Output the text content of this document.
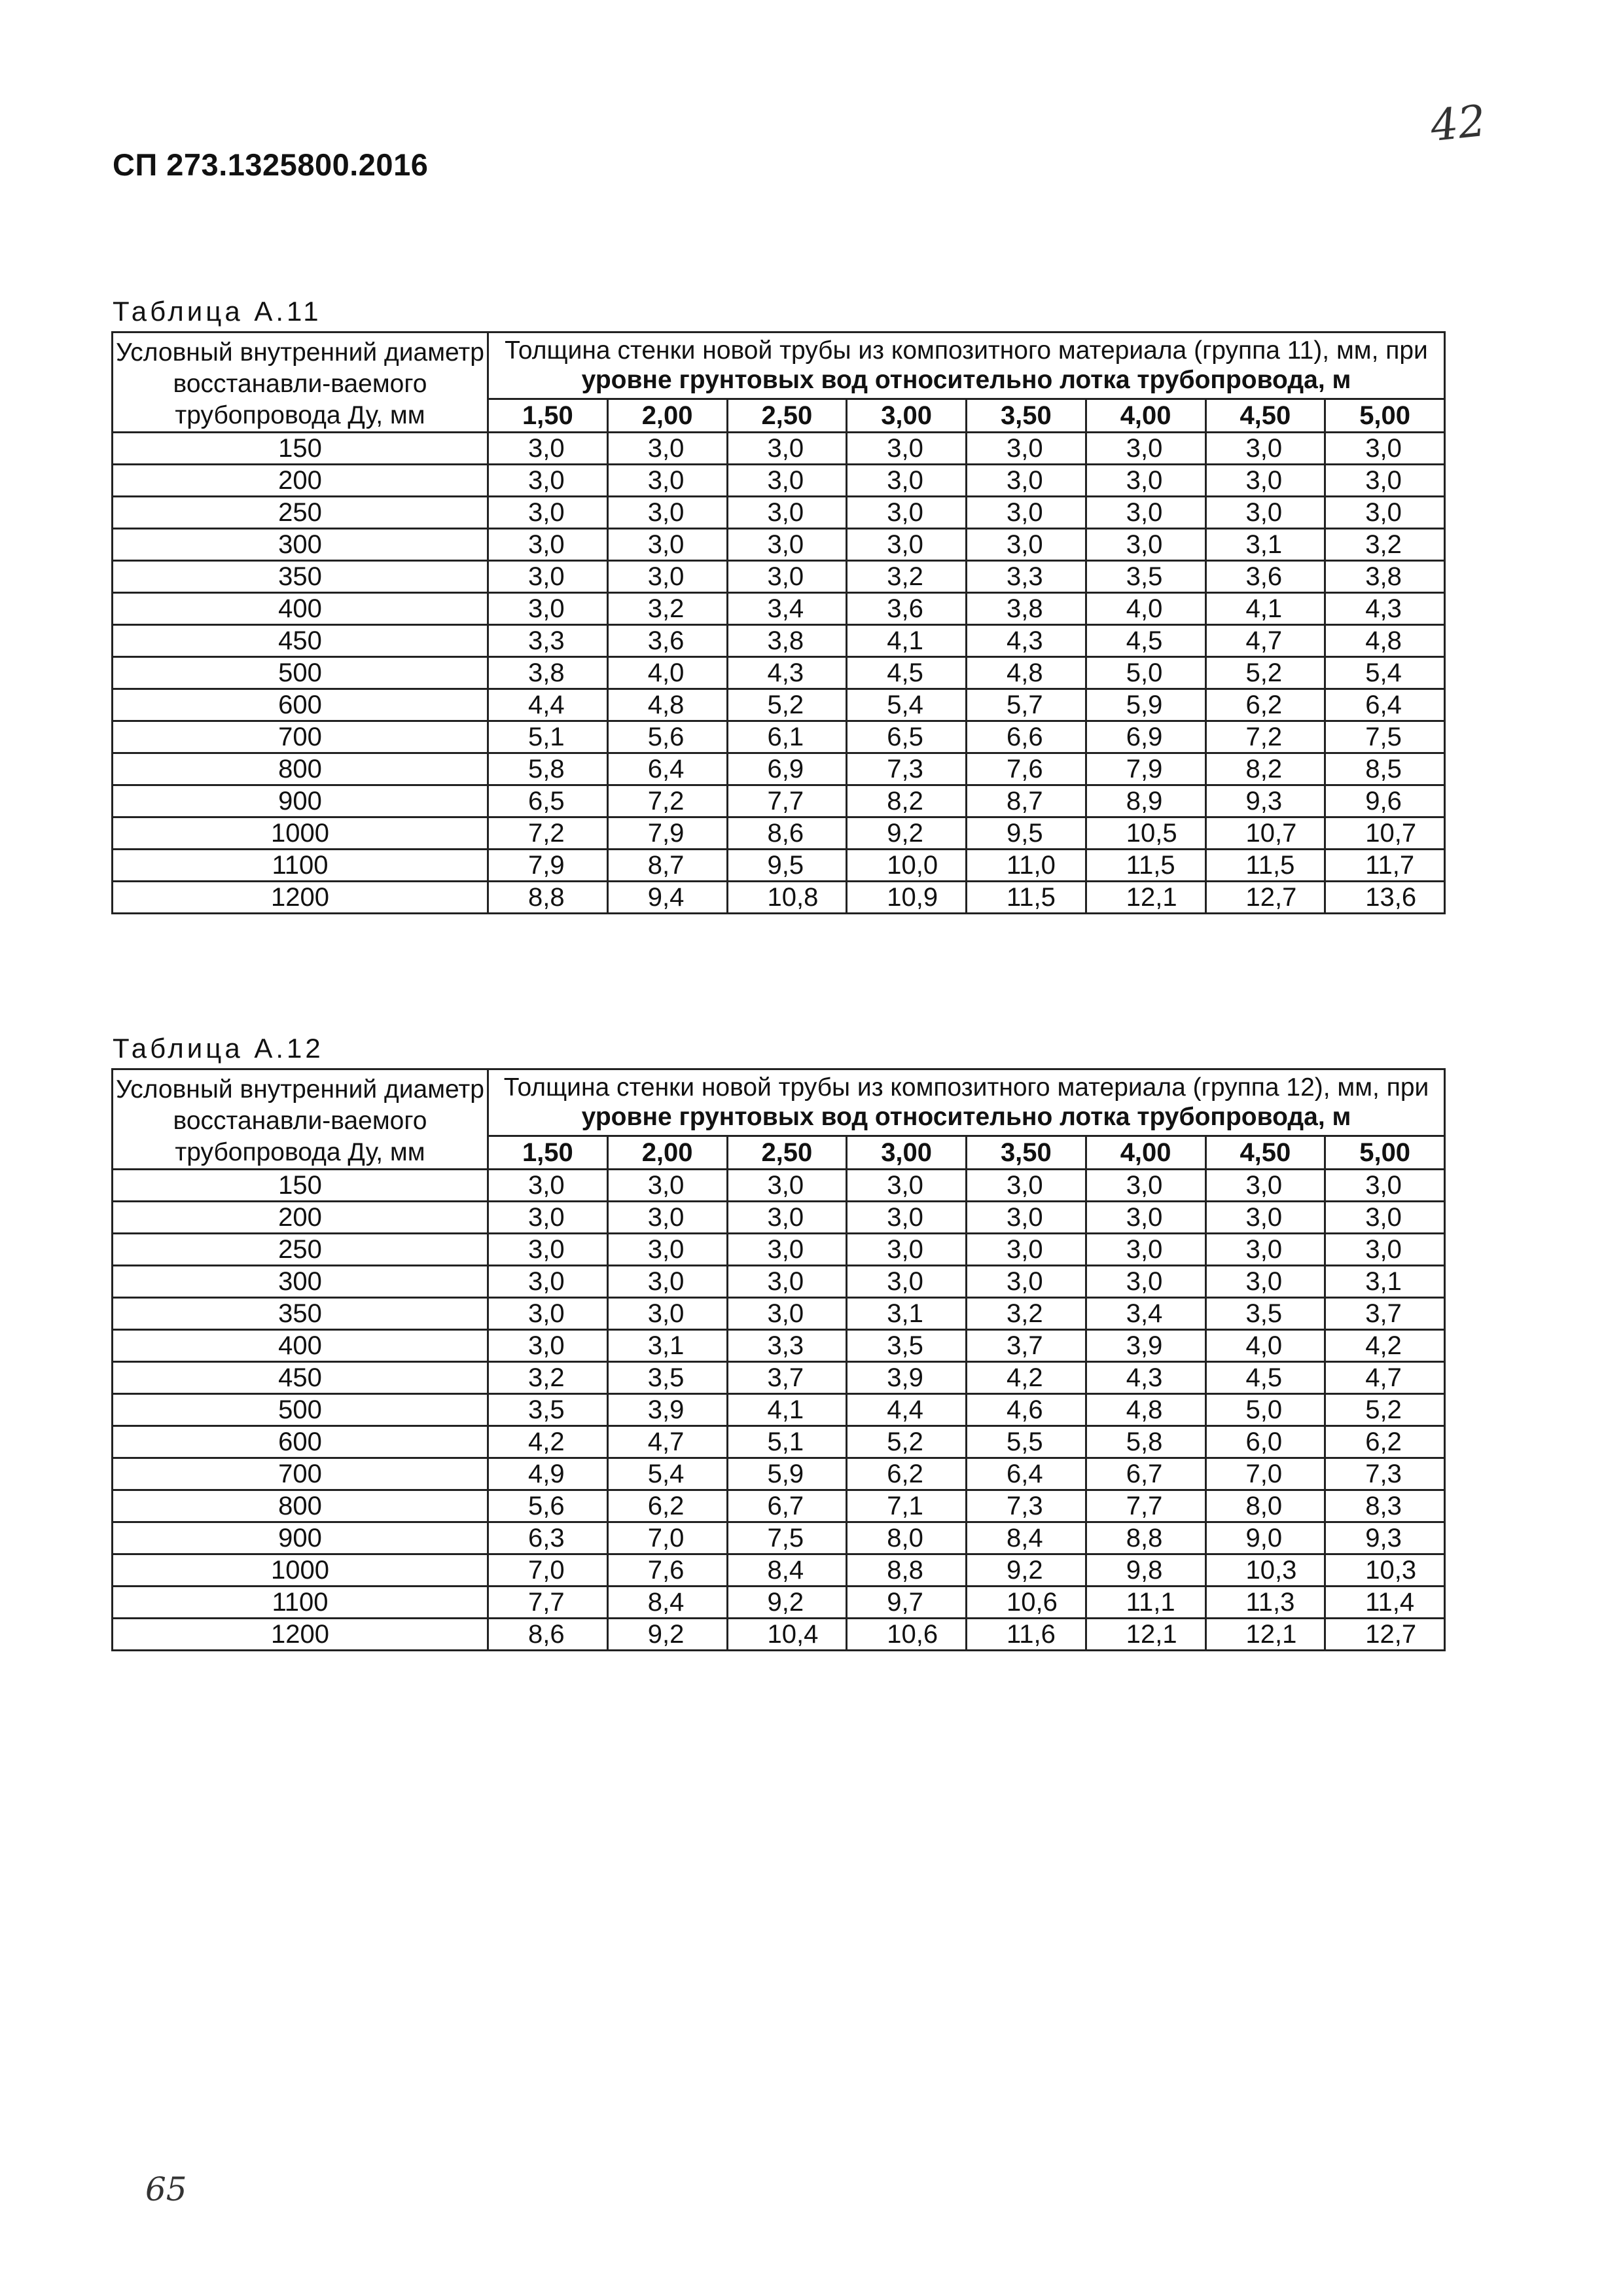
СП 273.1325800.2016
42
Таблица А.11
Условный внутренний диаметр восстанавли-ваемого трубопровода Ду, мм	Толщина стенки новой трубы из композитного материала (группа 11), мм, при уровне грунтовых вод относительно лотка трубопровода, м							
	1,50	2,00	2,50	3,00	3,50	4,00	4,50	5,00
150	3,0	3,0	3,0	3,0	3,0	3,0	3,0	3,0
200	3,0	3,0	3,0	3,0	3,0	3,0	3,0	3,0
250	3,0	3,0	3,0	3,0	3,0	3,0	3,0	3,0
300	3,0	3,0	3,0	3,0	3,0	3,0	3,1	3,2
350	3,0	3,0	3,0	3,2	3,3	3,5	3,6	3,8
400	3,0	3,2	3,4	3,6	3,8	4,0	4,1	4,3
450	3,3	3,6	3,8	4,1	4,3	4,5	4,7	4,8
500	3,8	4,0	4,3	4,5	4,8	5,0	5,2	5,4
600	4,4	4,8	5,2	5,4	5,7	5,9	6,2	6,4
700	5,1	5,6	6,1	6,5	6,6	6,9	7,2	7,5
800	5,8	6,4	6,9	7,3	7,6	7,9	8,2	8,5
900	6,5	7,2	7,7	8,2	8,7	8,9	9,3	9,6
1000	7,2	7,9	8,6	9,2	9,5	10,5	10,7	10,7
1100	7,9	8,7	9,5	10,0	11,0	11,5	11,5	11,7
1200	8,8	9,4	10,8	10,9	11,5	12,1	12,7	13,6
Таблица А.12
Условный внутренний диаметр восстанавли-ваемого трубопровода Ду, мм	Толщина стенки новой трубы из композитного материала (группа 12), мм, при уровне грунтовых вод относительно лотка трубопровода, м							
	1,50	2,00	2,50	3,00	3,50	4,00	4,50	5,00
150	3,0	3,0	3,0	3,0	3,0	3,0	3,0	3,0
200	3,0	3,0	3,0	3,0	3,0	3,0	3,0	3,0
250	3,0	3,0	3,0	3,0	3,0	3,0	3,0	3,0
300	3,0	3,0	3,0	3,0	3,0	3,0	3,0	3,1
350	3,0	3,0	3,0	3,1	3,2	3,4	3,5	3,7
400	3,0	3,1	3,3	3,5	3,7	3,9	4,0	4,2
450	3,2	3,5	3,7	3,9	4,2	4,3	4,5	4,7
500	3,5	3,9	4,1	4,4	4,6	4,8	5,0	5,2
600	4,2	4,7	5,1	5,2	5,5	5,8	6,0	6,2
700	4,9	5,4	5,9	6,2	6,4	6,7	7,0	7,3
800	5,6	6,2	6,7	7,1	7,3	7,7	8,0	8,3
900	6,3	7,0	7,5	8,0	8,4	8,8	9,0	9,3
1000	7,0	7,6	8,4	8,8	9,2	9,8	10,3	10,3
1100	7,7	8,4	9,2	9,7	10,6	11,1	11,3	11,4
1200	8,6	9,2	10,4	10,6	11,6	12,1	12,1	12,7
65
